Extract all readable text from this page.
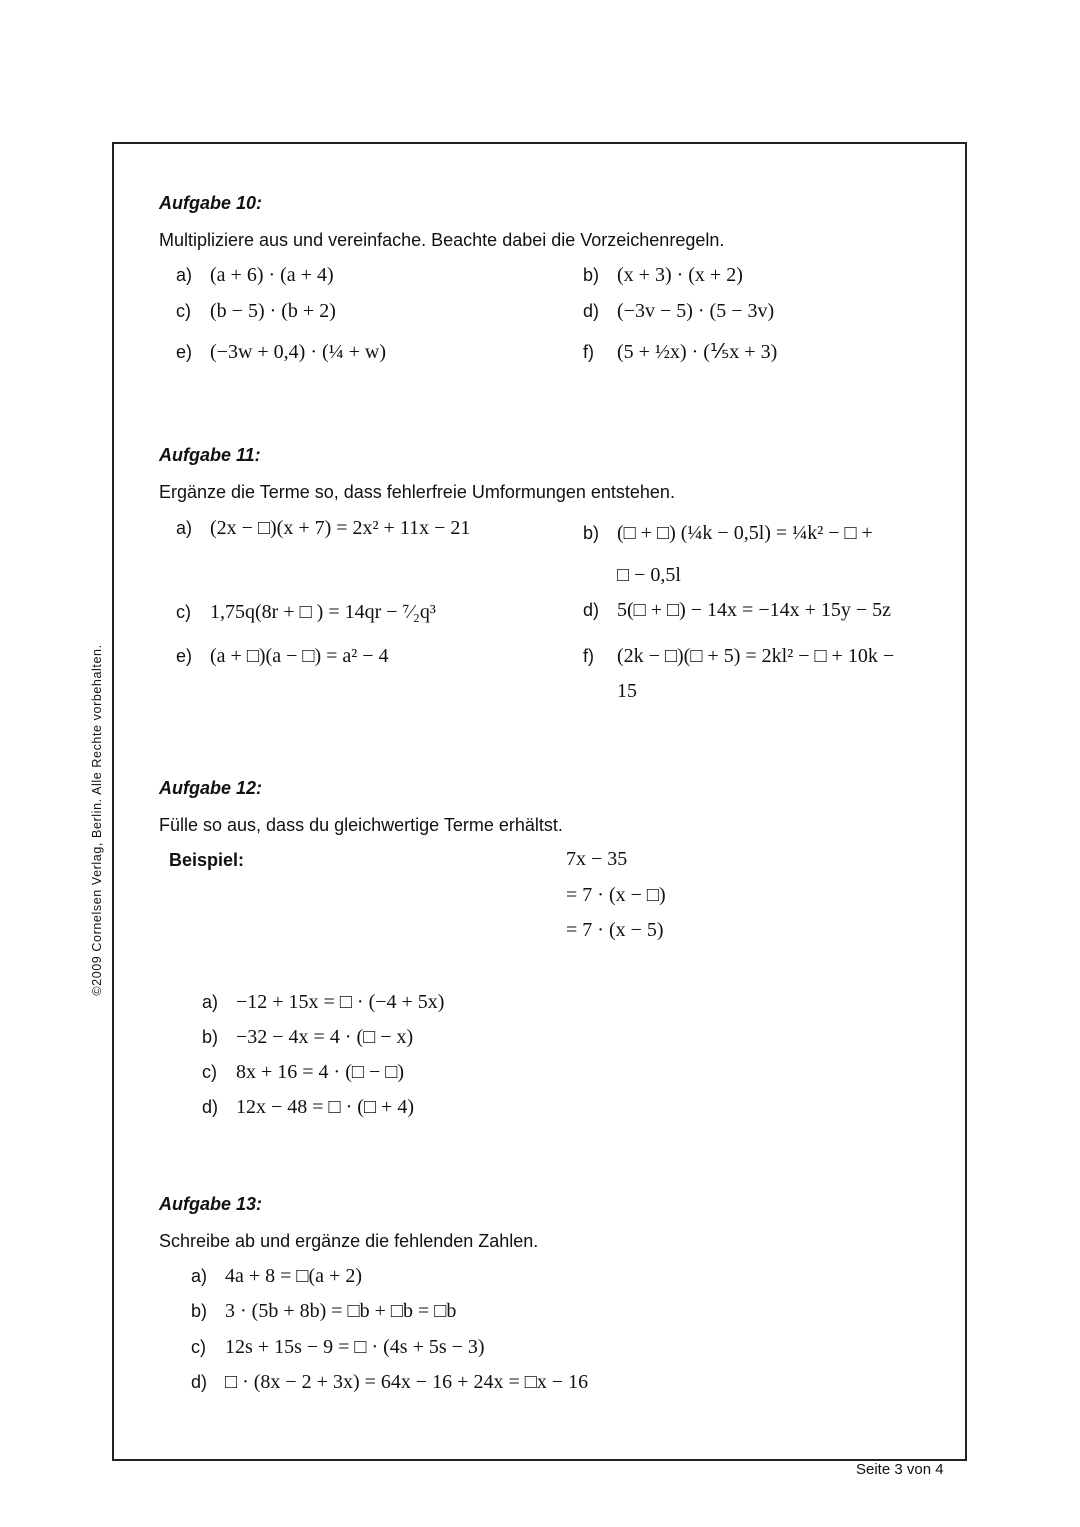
©2009 Cornelsen Verlag, Berlin. Alle Rechte vorbehalten.
Aufgabe 10:
Multipliziere aus und vereinfache. Beachte dabei die Vorzeichenregeln.
a) (a + 6) · (a + 4)	b) (x + 3) · (x + 2)
c) (b − 5) · (b + 2)	d) (−3v − 5) · (5 − 3v)
e) (−3w + 0,4) · (¼ + w)	f) (5 + ½x) · (⅕x + 3)
Aufgabe 11:
Ergänze die Terme so, dass fehlerfreie Umformungen entstehen.
a) (2x − □)(x + 7) = 2x² + 11x − 21	b) (□ + □) (¼k − 0,5l) = ¼k² − □ +
□ − 0,5l
c) 1,75q(8r + □ ) = 14qr − ⁷⁄₂q³	d) 5(□ + □) − 14x = −14x + 15y − 5z
e) (a + □)(a − □) = a² − 4	f) (2k − □)(□ + 5) = 2kl² − □ + 10k −
15
Aufgabe 12:
Fülle so aus, dass du gleichwertige Terme erhältst.
Beispiel:	7x − 35
= 7 · (x − □)
= 7 · (x − 5)
a) −12 + 15x = □ · (−4 + 5x)
b) −32 − 4x = 4 · (□ − x)
c) 8x + 16 = 4 · (□ − □)
d) 12x − 48 = □ · (□ + 4)
Aufgabe 13:
Schreibe ab und ergänze die fehlenden Zahlen.
a) 4a + 8 = □(a + 2)
b) 3 · (5b + 8b) = □b + □b = □b
c) 12s + 15s − 9 = □ · (4s + 5s − 3)
d) □ · (8x − 2 + 3x) = 64x − 16 + 24x = □x − 16
Seite 3 von 4
